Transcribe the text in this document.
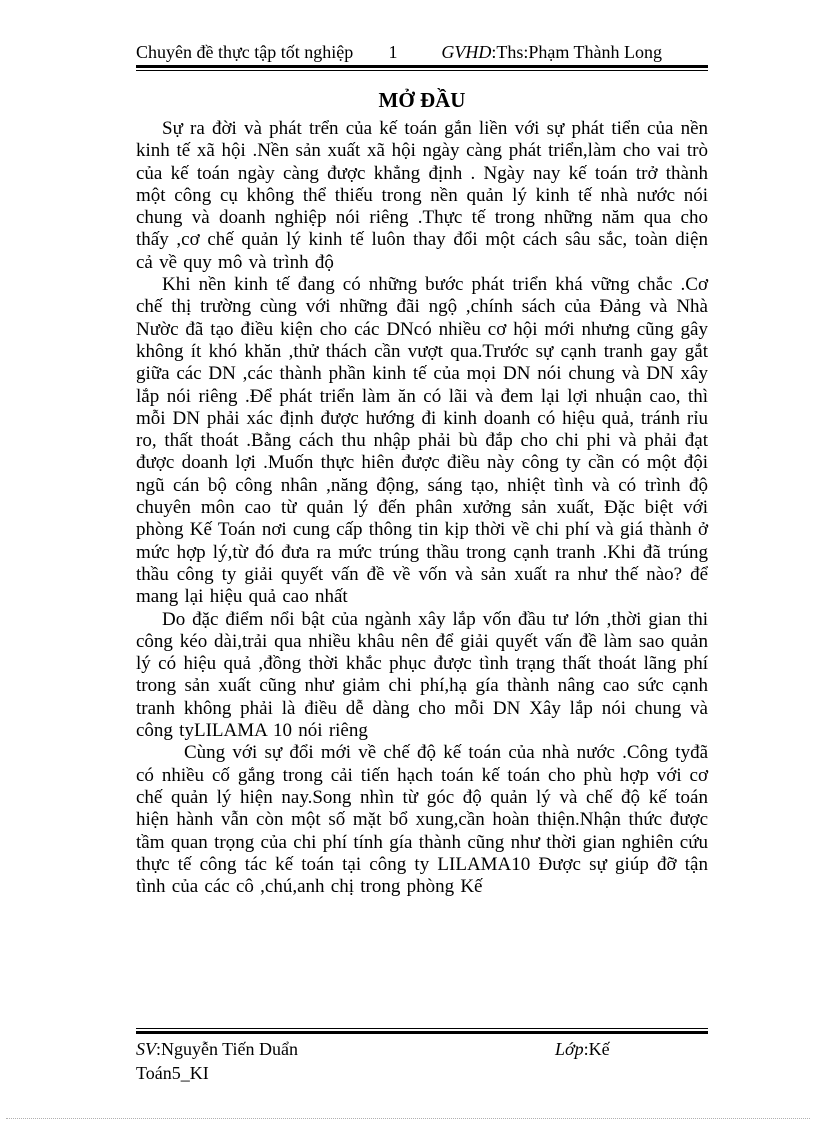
Chuyên đề thực tập tốt nghiệp	1	GVHD:Ths:Phạm Thành Long
MỞ ĐẦU

Sự ra đời và phát trển của kế toán gắn liền với sự phát tiển của nền kinh tế xã hội .Nền sản xuất xã hội ngày càng phát triển,làm cho vai trò của kế toán ngày càng được khẳng định . Ngày nay kế toán trở thành một công cụ không thể thiếu trong nền quản lý kinh tế nhà nước nói chung và doanh nghiệp nói riêng .Thực tế trong những năm qua cho thấy ,cơ chế quản lý kinh tế luôn thay đổi một cách sâu sắc, toàn diện cả về quy mô và trình độ

Khi nền kinh tế đang có những bước phát triển khá vững chắc .Cơ chế thị trường cùng với những đãi ngộ ,chính sách của Đảng và Nhà Nườc đã tạo điều kiện cho các DNcó nhiều cơ hội mới nhưng cũng gây không ít khó khăn ,thử thách cần vượt qua.Trước sự cạnh tranh gay gắt giữa các DN ,các thành phần kinh tế của mọi DN nói chung và DN xây lắp nói riêng .Để phát triển làm ăn có lãi và đem lại lợi nhuận cao, thì mỗi DN phải xác định được hướng đi kinh doanh có hiệu quả, tránh rỉu ro, thất thoát .Bằng cách thu nhập phải bù đắp cho chi phi và phải đạt được doanh lợi .Muốn thực hiên được điều này công ty cần có một đội ngũ cán bộ công nhân ,năng động, sáng tạo, nhiệt tình và có trình độ chuyên môn cao từ quản lý đến phân xưởng sản xuất, Đặc biệt với phòng Kế Toán nơi cung cấp thông tin kịp thời về chi phí và giá thành ở mức hợp lý,từ đó đưa ra mức trúng thầu trong cạnh tranh .Khi đã trúng thầu công ty giải quyết vấn đề về vốn và sản xuất ra như thế nào? để mang lại hiệu quả cao nhất

Do đặc điểm nổi bật của ngành xây lắp vốn đầu tư lớn ,thời gian thi công kéo dài,trải qua nhiều khâu nên để giải quyết vấn đề làm sao quản lý có hiệu quả ,đồng thời khắc phục được tình trạng thất thoát lãng phí trong sản xuất cũng như giảm chi phí,hạ gía thành nâng cao sức cạnh tranh không phải là điều dễ dàng cho mỗi DN Xây lắp nói chung và công tyLILAMA 10 nói riêng

Cùng với sự đổi mới về chế độ kế toán của nhà nước .Công tyđã có nhiều cố gắng trong cải tiến hạch toán kế toán cho phù hợp với cơ chế quản lý hiện nay.Song nhìn từ góc độ quản lý và chế độ kế toán hiện hành vẫn còn một số mặt bổ xung,cần hoàn thiện.Nhận thức được tầm quan trọng của chi phí tính gía thành cũng như thời gian nghiên cứu thực tế công tác kế toán tại công ty LILAMA10 Được sự giúp đỡ tận tình của các cô ,chú,anh chị trong phòng Kế

SV:Nguyễn Tiến Duẩn	Lớp:Kế
Toán5_KI
